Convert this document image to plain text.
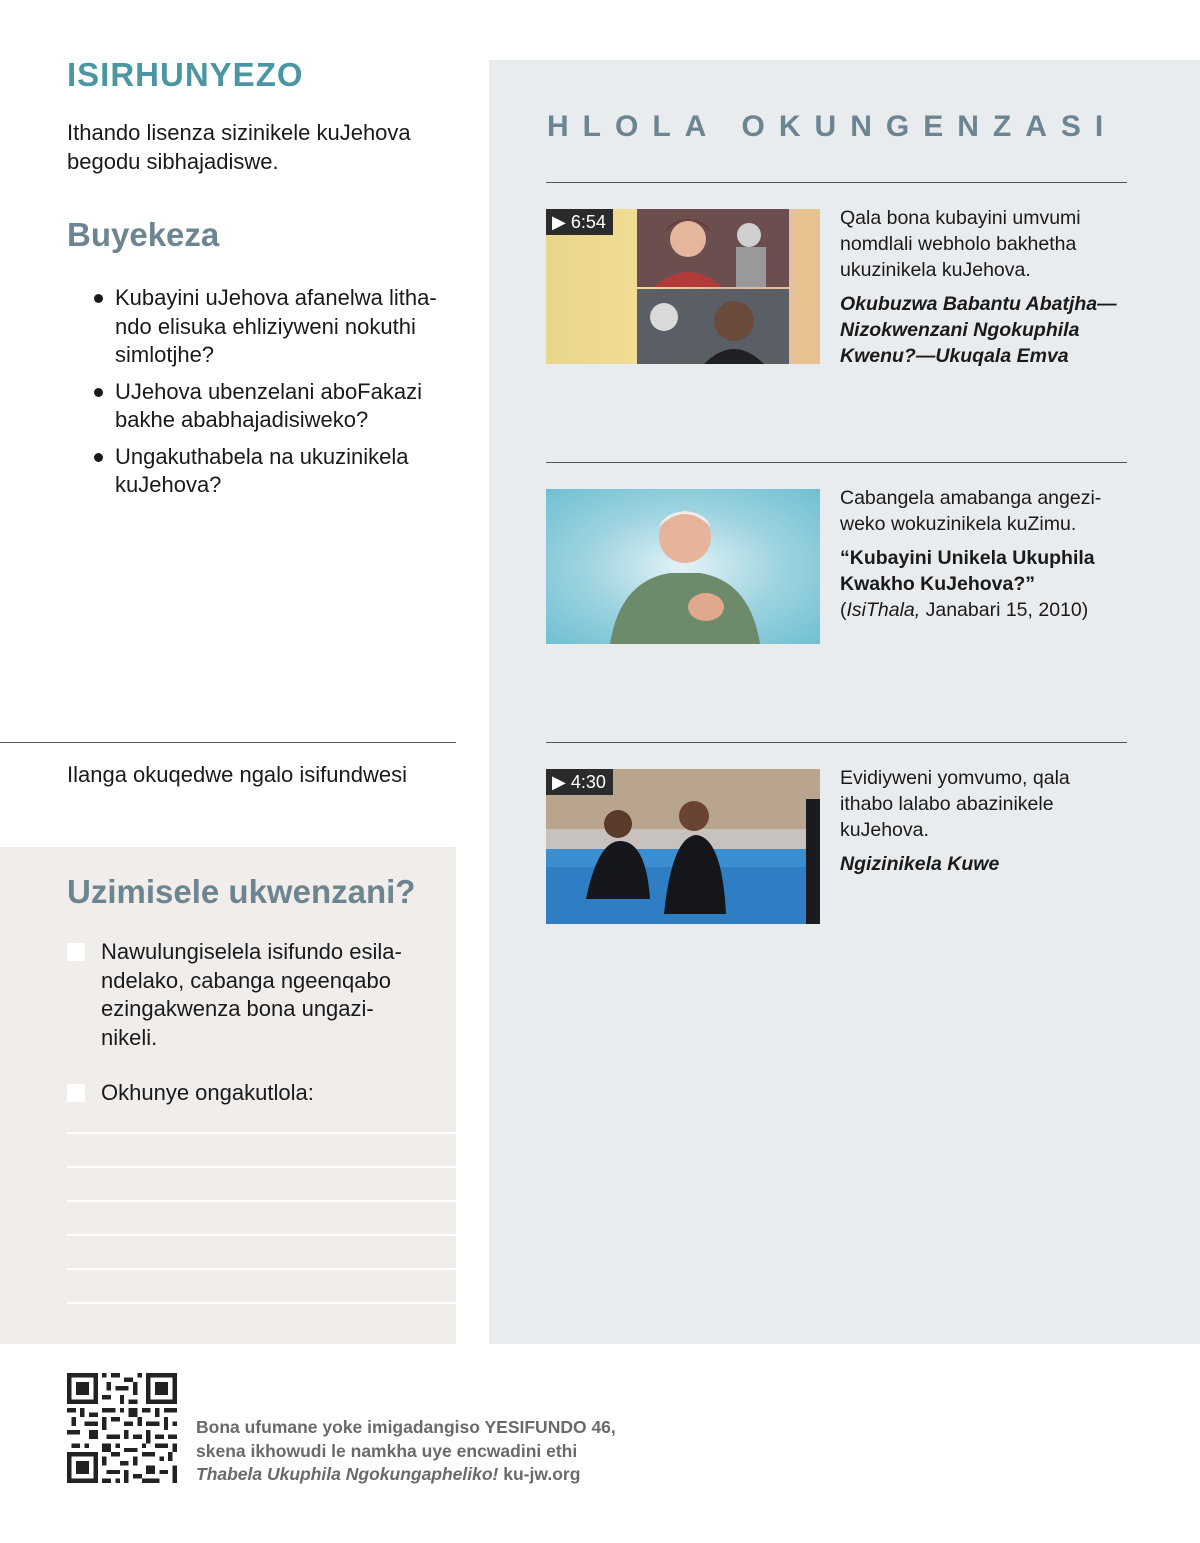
ISIRHUNYEZO

Ithando lisenza sizinikele kuJehova begodu sibhajadiswe.

Buyekeza
Kubayini uJehova afanelwa litha-ndo elisuka ehliziyweni nokuthi simlotjhe?
UJehova ubenzelani aboFakazi bakhe ababhajadisiweko?
Ungakuthabela na ukuzinikela kuJehova?
Ilanga okuqedwe ngalo isifundwesi
Uzimisele ukwenzani?
Nawulungiselela isifundo esila-ndelako, cabanga ngeenqabo ezingakwenza bona ungazi-nikeli.
Okhunye ongakutlola:
HLOLA OKUNGENZASI
▶ 6:54	Qala bona kubayini umvumi nomdlali webholo bakhetha ukuzinikela kuJehova.
Okubuzwa Babantu Abatjha—Nizokwenzani Ngokuphila Kwenu?—Ukuqala Emva
Cabangela amabanga angezi-weko wokuzinikela kuZimu.
“Kubayini Unikela Ukuphila Kwakho KuJehova?” (IsiThala, Janabari 15, 2010)
▶ 4:30	Evidiyweni yomvumo, qala ithabo lalabo abazinikele kuJehova.
Ngizinikela Kuwe
Bona ufumane yoke imigadangiso YESIFUNDO 46,
skena ikhowudi le namkha uye encwadini ethi
Thabela Ukuphila Ngokungapheliko! ku-jw.org
